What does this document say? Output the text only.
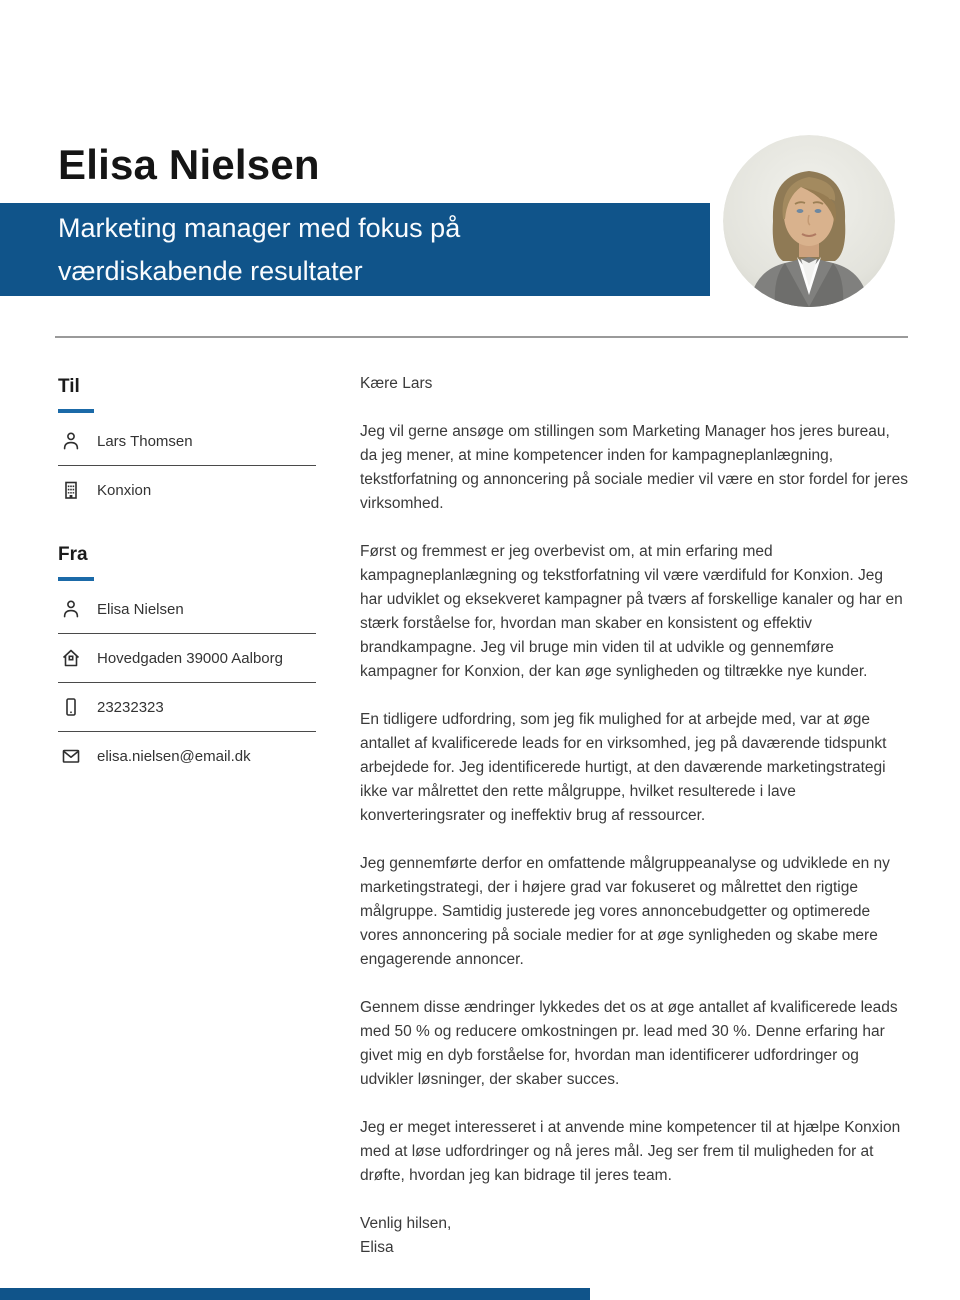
Elisa Nielsen
Marketing manager med fokus på
værdiskabende resultater
Til
Lars Thomsen
Konxion
Fra
Elisa Nielsen
Hovedgaden 39000 Aalborg
23232323
elisa.nielsen@email.dk

Kære Lars

Jeg vil gerne ansøge om stillingen som Marketing Manager hos jeres bureau, da jeg mener, at mine kompetencer inden for kampagneplanlægning, tekstforfatning og annoncering på sociale medier vil være en stor fordel for jeres virksomhed.

Først og fremmest er jeg overbevist om, at min erfaring med kampagneplanlægning og tekstforfatning vil være værdifuld for Konxion. Jeg har udviklet og eksekveret kampagner på tværs af forskellige kanaler og har en stærk forståelse for, hvordan man skaber en konsistent og effektiv brandkampagne. Jeg vil bruge min viden til at udvikle og gennemføre kampagner for Konxion, der kan øge synligheden og tiltrække nye kunder.

En tidligere udfordring, som jeg fik mulighed for at arbejde med, var at øge antallet af kvalificerede leads for en virksomhed, jeg på daværende tidspunkt arbejdede for. Jeg identificerede hurtigt, at den daværende marketingstrategi ikke var målrettet den rette målgruppe, hvilket resulterede i lave konverteringsrater og ineffektiv brug af ressourcer.

Jeg gennemførte derfor en omfattende målgruppeanalyse og udviklede en ny marketingstrategi, der i højere grad var fokuseret og målrettet den rigtige målgruppe. Samtidig justerede jeg vores annoncebudgetter og optimerede vores annoncering på sociale medier for at øge synligheden og skabe mere engagerende annoncer.

Gennem disse ændringer lykkedes det os at øge antallet af kvalificerede leads med 50 % og reducere omkostningen pr. lead med 30 %. Denne erfaring har givet mig en dyb forståelse for, hvordan man identificerer udfordringer og udvikler løsninger, der skaber succes.

Jeg er meget interesseret i at anvende mine kompetencer til at hjælpe Konxion med at løse udfordringer og nå jeres mål. Jeg ser frem til muligheden for at drøfte, hvordan jeg kan bidrage til jeres team.

Venlig hilsen,

Elisa
